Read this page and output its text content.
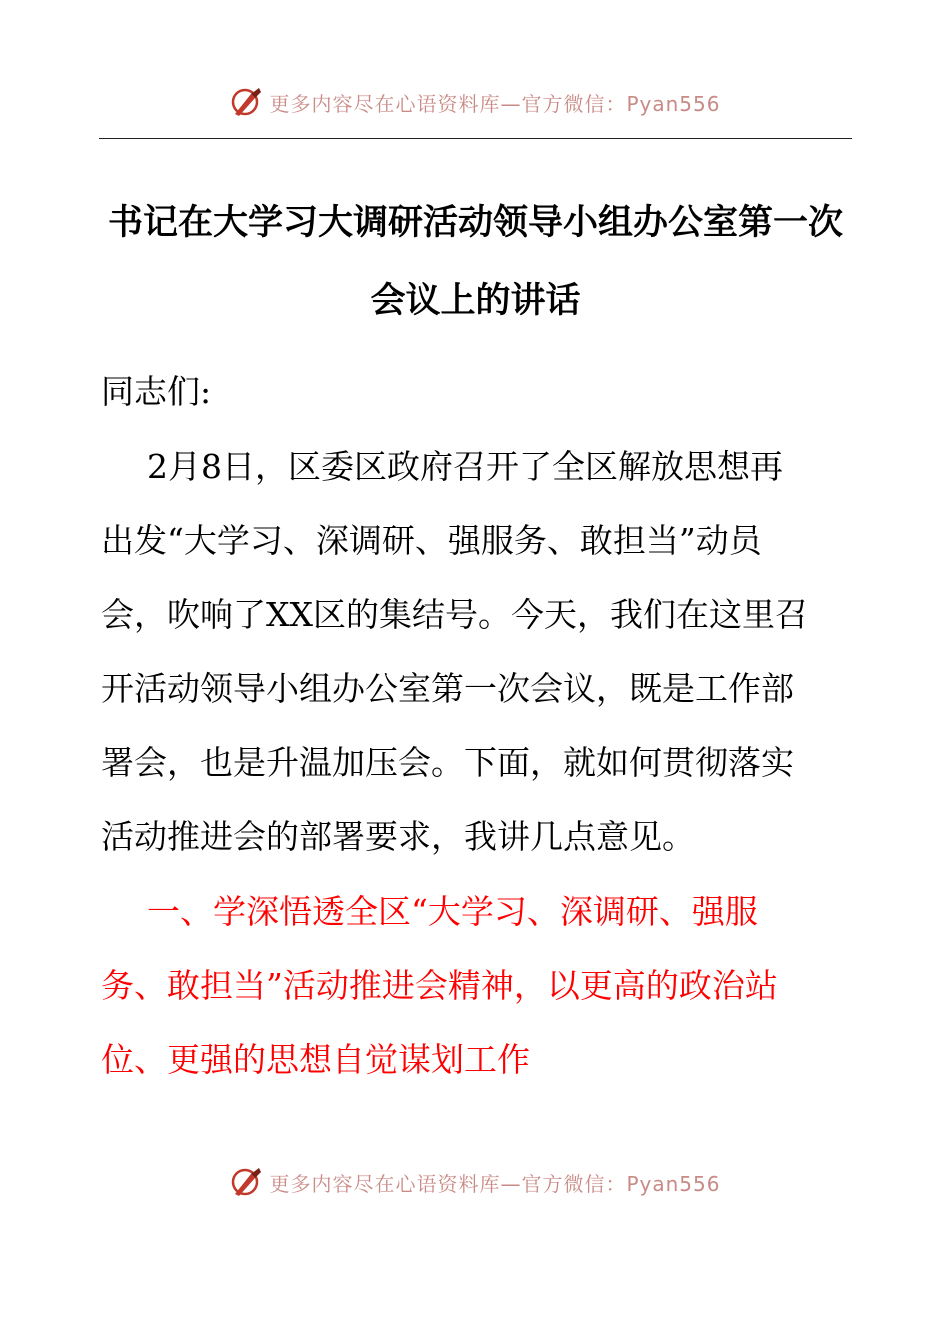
更多内容尽在心语资料库—官方微信：Pyan556
书记在大学习大调研活动领导小组办公室第一次
会议上的讲话

同志们:

2月8日，区委区政府召开了全区解放思想再
出发“大学习、深调研、强服务、敢担当”动员
会，吹响了XX区的集结号。今天，我们在这里召
开活动领导小组办公室第一次会议，既是工作部
署会，也是升温加压会。下面，就如何贯彻落实
活动推进会的部署要求，我讲几点意见。
一、学深悟透全区“大学习、深调研、强服
务、敢担当”活动推进会精神，以更高的政治站
位、更强的思想自觉谋划工作
更多内容尽在心语资料库—官方微信：Pyan556
